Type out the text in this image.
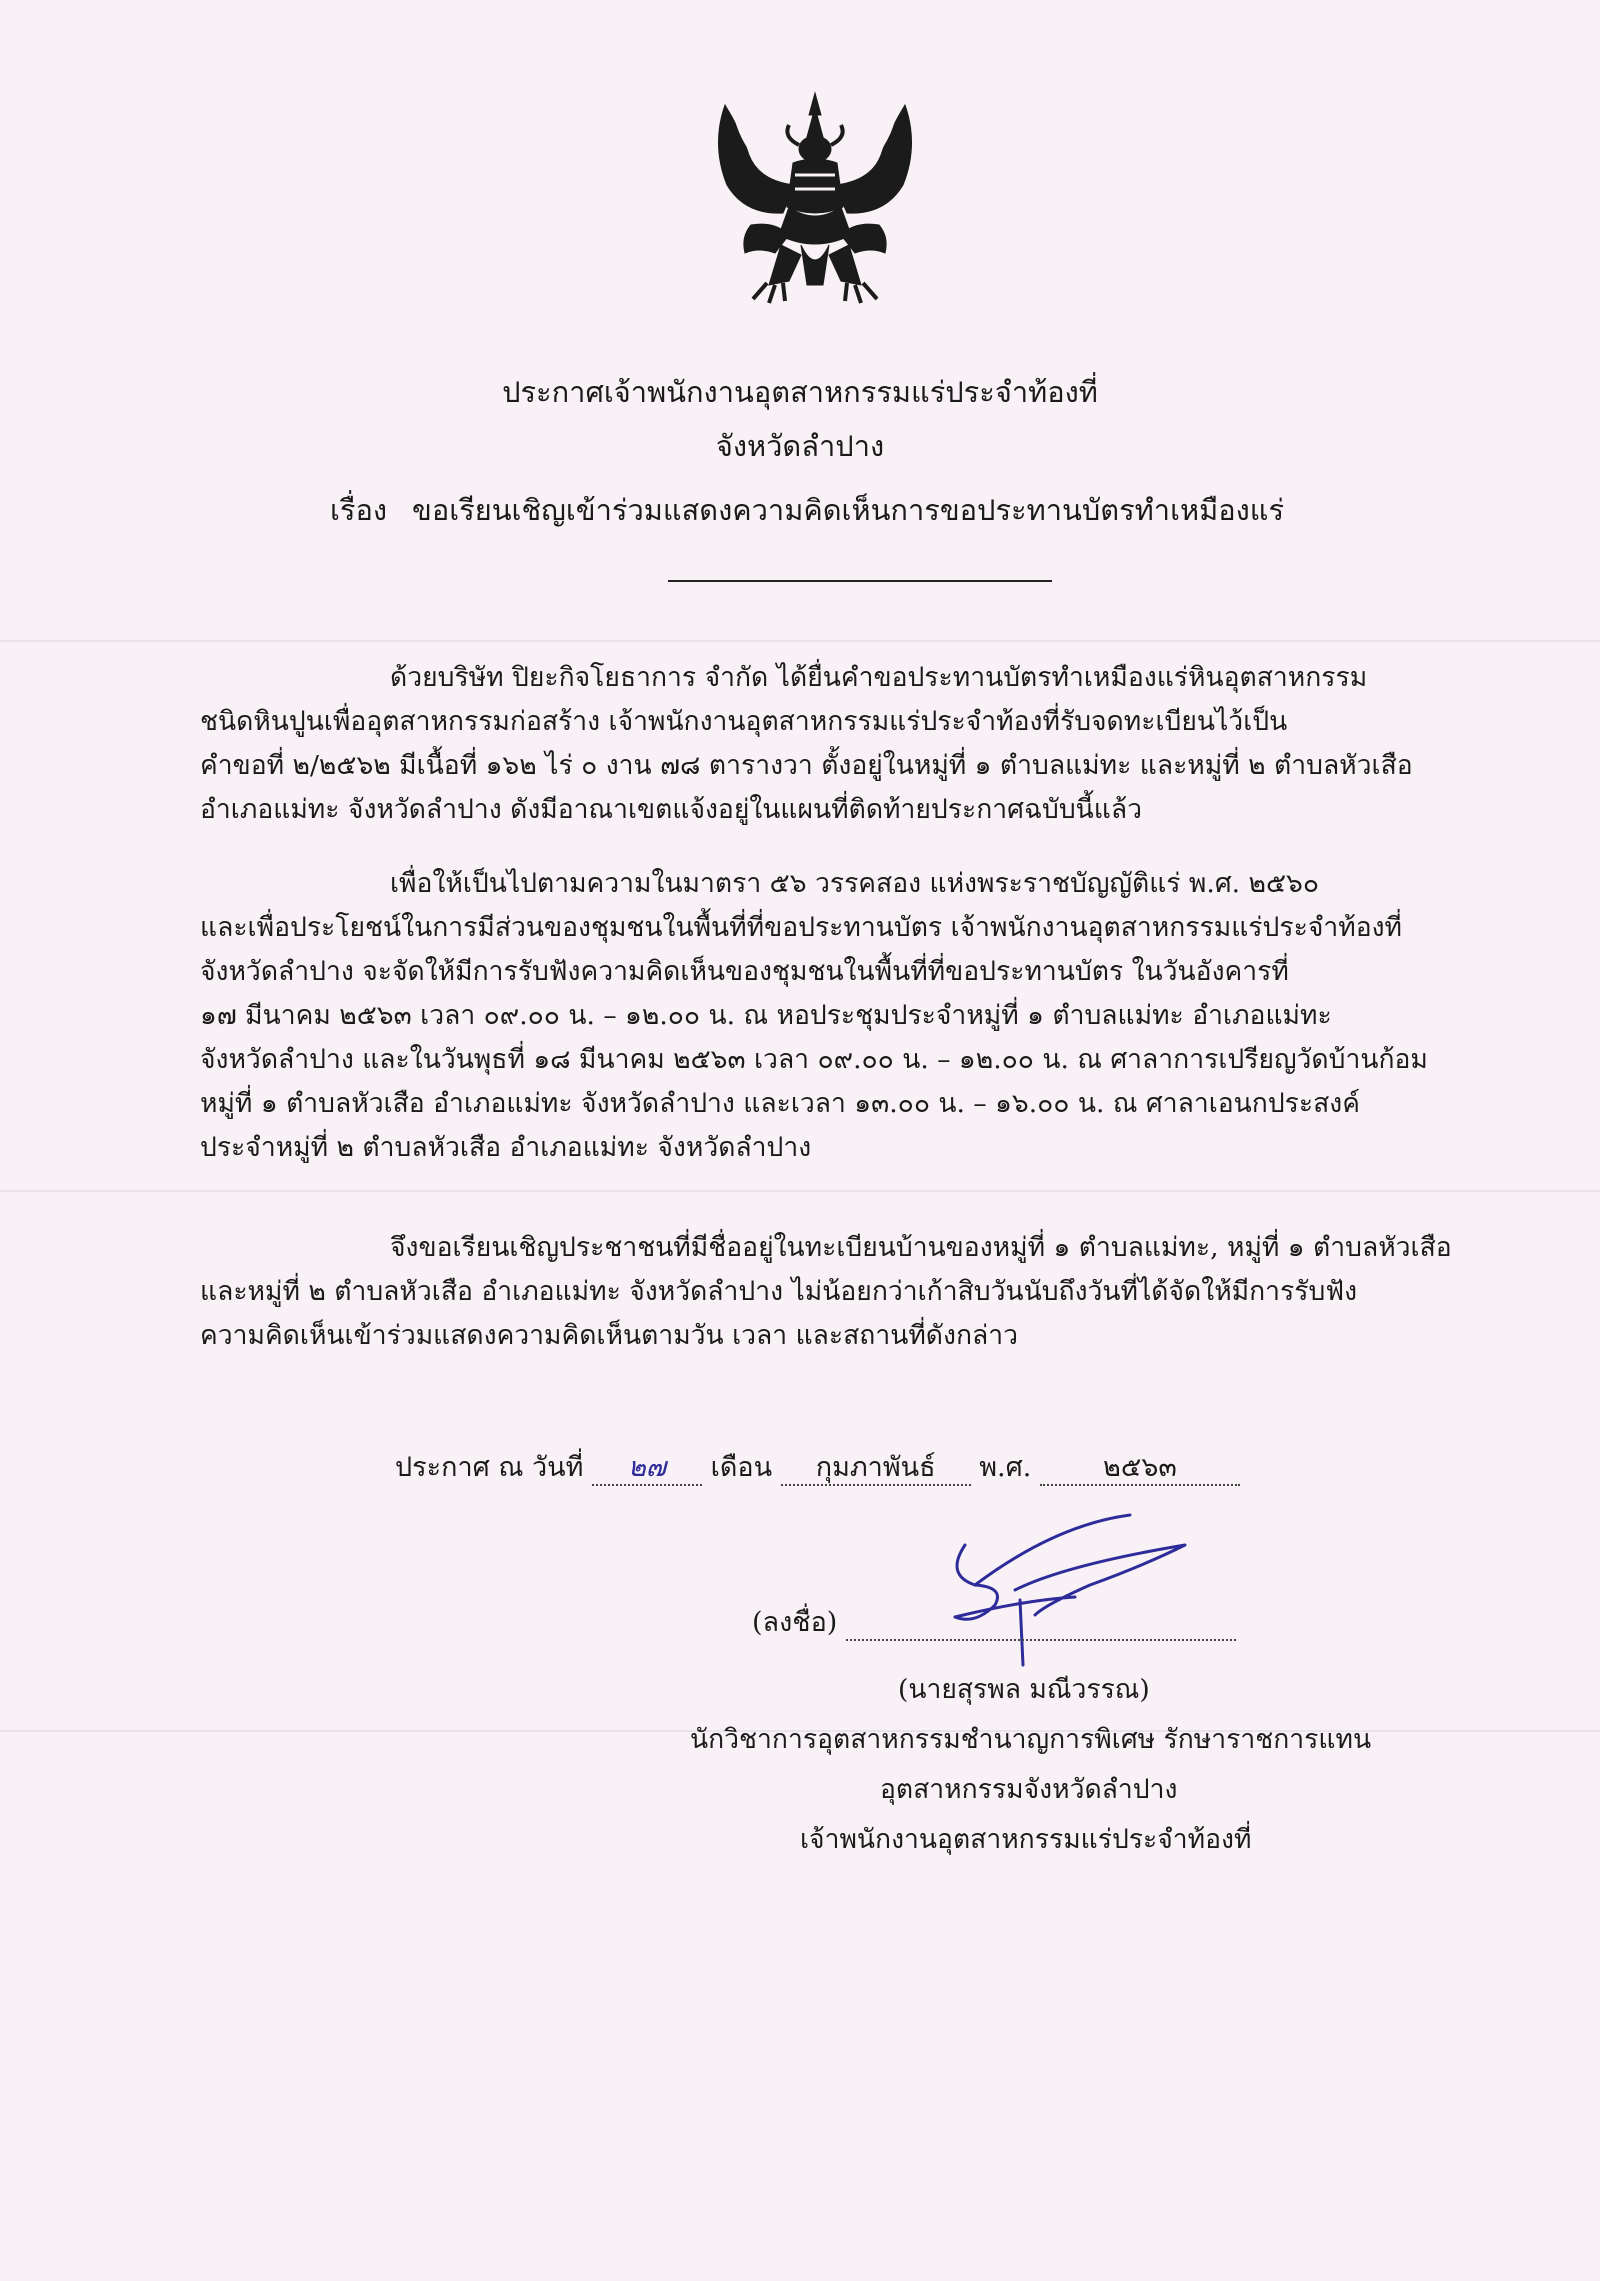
ประกาศเจ้าพนักงานอุตสาหกรรมแร่ประจำท้องที่
จังหวัดลำปาง
เรื่อง ขอเรียนเชิญเข้าร่วมแสดงความคิดเห็นการขอประทานบัตรทำเหมืองแร่
ด้วยบริษัท ปิยะกิจโยธาการ จำกัด ได้ยื่นคำขอประทานบัตรทำเหมืองแร่หินอุตสาหกรรม
ชนิดหินปูนเพื่ออุตสาหกรรมก่อสร้าง เจ้าพนักงานอุตสาหกรรมแร่ประจำท้องที่รับจดทะเบียนไว้เป็น
คำขอที่ ๒/๒๕๖๒ มีเนื้อที่ ๑๖๒ ไร่ ๐ งาน ๗๘ ตารางวา ตั้งอยู่ในหมู่ที่ ๑ ตำบลแม่ทะ และหมู่ที่ ๒ ตำบลหัวเสือ
อำเภอแม่ทะ จังหวัดลำปาง ดังมีอาณาเขตแจ้งอยู่ในแผนที่ติดท้ายประกาศฉบับนี้แล้ว
เพื่อให้เป็นไปตามความในมาตรา ๕๖ วรรคสอง แห่งพระราชบัญญัติแร่ พ.ศ. ๒๕๖๐
และเพื่อประโยชน์ในการมีส่วนของชุมชนในพื้นที่ที่ขอประทานบัตร เจ้าพนักงานอุตสาหกรรมแร่ประจำท้องที่
จังหวัดลำปาง จะจัดให้มีการรับฟังความคิดเห็นของชุมชนในพื้นที่ที่ขอประทานบัตร ในวันอังคารที่
๑๗ มีนาคม ๒๕๖๓ เวลา ๐๙.๐๐ น. – ๑๒.๐๐ น. ณ หอประชุมประจำหมู่ที่ ๑ ตำบลแม่ทะ อำเภอแม่ทะ
จังหวัดลำปาง และในวันพุธที่ ๑๘ มีนาคม ๒๕๖๓ เวลา ๐๙.๐๐ น. – ๑๒.๐๐ น. ณ ศาลาการเปรียญวัดบ้านก้อม
หมู่ที่ ๑ ตำบลหัวเสือ อำเภอแม่ทะ จังหวัดลำปาง และเวลา ๑๓.๐๐ น. – ๑๖.๐๐ น. ณ ศาลาเอนกประสงค์
ประจำหมู่ที่ ๒ ตำบลหัวเสือ อำเภอแม่ทะ จังหวัดลำปาง
จึงขอเรียนเชิญประชาชนที่มีชื่ออยู่ในทะเบียนบ้านของหมู่ที่ ๑ ตำบลแม่ทะ, หมู่ที่ ๑ ตำบลหัวเสือ
และหมู่ที่ ๒ ตำบลหัวเสือ อำเภอแม่ทะ จังหวัดลำปาง ไม่น้อยกว่าเก้าสิบวันนับถึงวันที่ได้จัดให้มีการรับฟัง
ความคิดเห็นเข้าร่วมแสดงความคิดเห็นตามวัน เวลา และสถานที่ดังกล่าว
ประกาศ ณ วันที่ ๒๗ เดือน กุมภาพันธ์ พ.ศ.	๒๕๖๓
(ลงชื่อ)
(นายสุรพล มณีวรรณ)
นักวิชาการอุตสาหกรรมชำนาญการพิเศษ รักษาราชการแทน
อุตสาหกรรมจังหวัดลำปาง
เจ้าพนักงานอุตสาหกรรมแร่ประจำท้องที่
